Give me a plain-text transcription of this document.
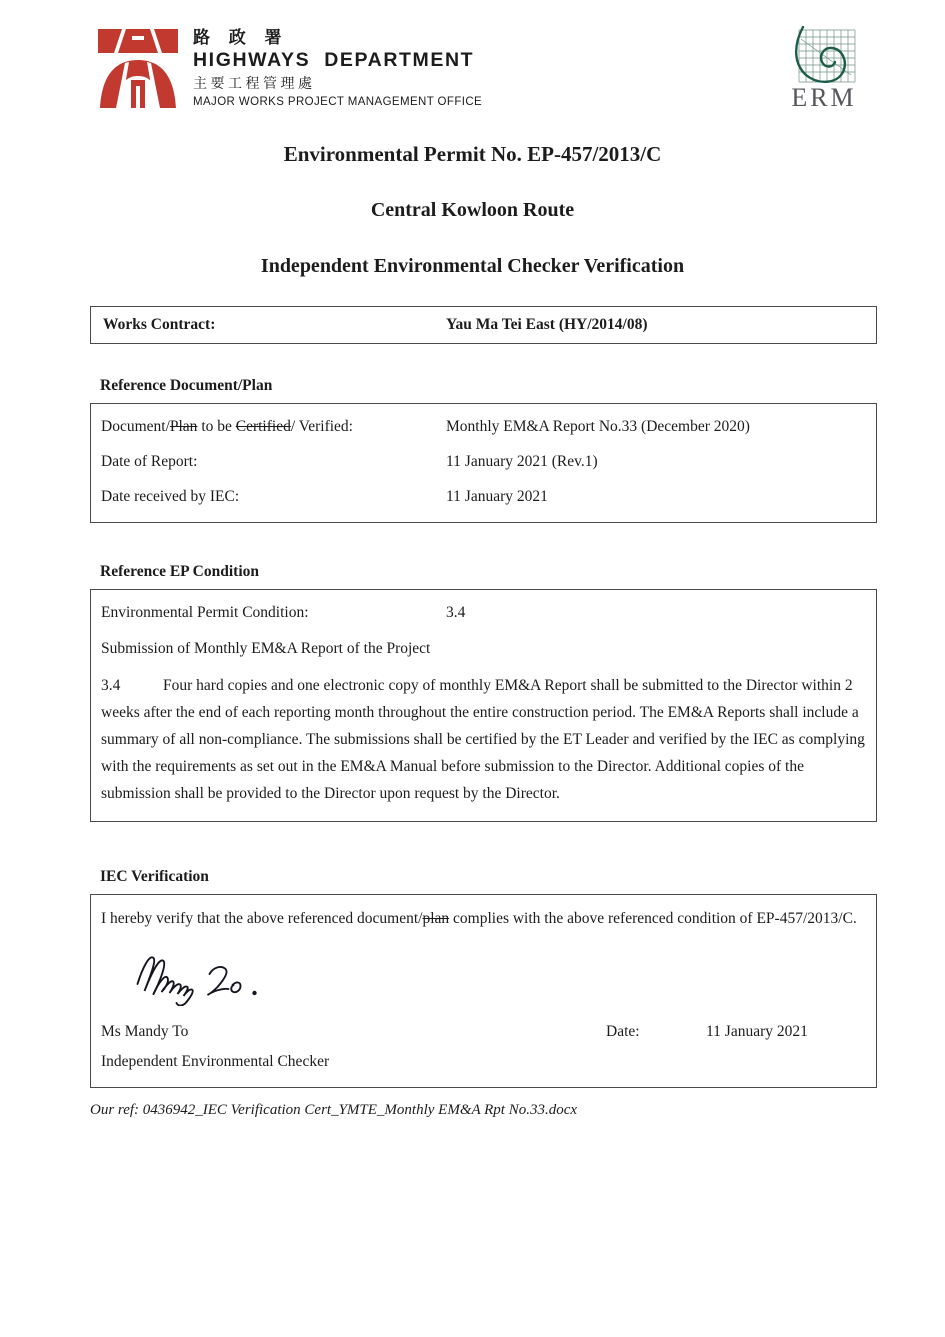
路 政 署
HIGHWAYS  DEPARTMENT
主要工程管理處
MAJOR WORKS PROJECT MANAGEMENT OFFICE	ERM
Environmental Permit No. EP-457/2013/C
Central Kowloon Route
Independent Environmental Checker Verification
Works Contract:	Yau Ma Tei East (HY/2014/08)
Reference Document/Plan
Document/Plan to be Certified/ Verified:	Monthly EM&A Report No.33 (December 2020)
Date of Report:	11 January 2021 (Rev.1)
Date received by IEC:	11 January 2021
Reference EP Condition
Environmental Permit Condition:	3.4
Submission of Monthly EM&A Report of the Project
3.4	Four hard copies and one electronic copy of monthly EM&A Report shall be submitted to the Director within 2 weeks after the end of each reporting month throughout the entire construction period. The EM&A Reports shall include a summary of all non-compliance. The submissions shall be certified by the ET Leader and verified by the IEC as complying with the requirements as set out in the EM&A Manual before submission to the Director. Additional copies of the submission shall be provided to the Director upon request by the Director.
IEC Verification
I hereby verify that the above referenced document/plan complies with the above referenced condition of EP-457/2013/C.
Ms Mandy To	Date:	11 January 2021
Independent Environmental Checker
Our ref: 0436942_IEC Verification Cert_YMTE_Monthly EM&A Rpt No.33.docx
